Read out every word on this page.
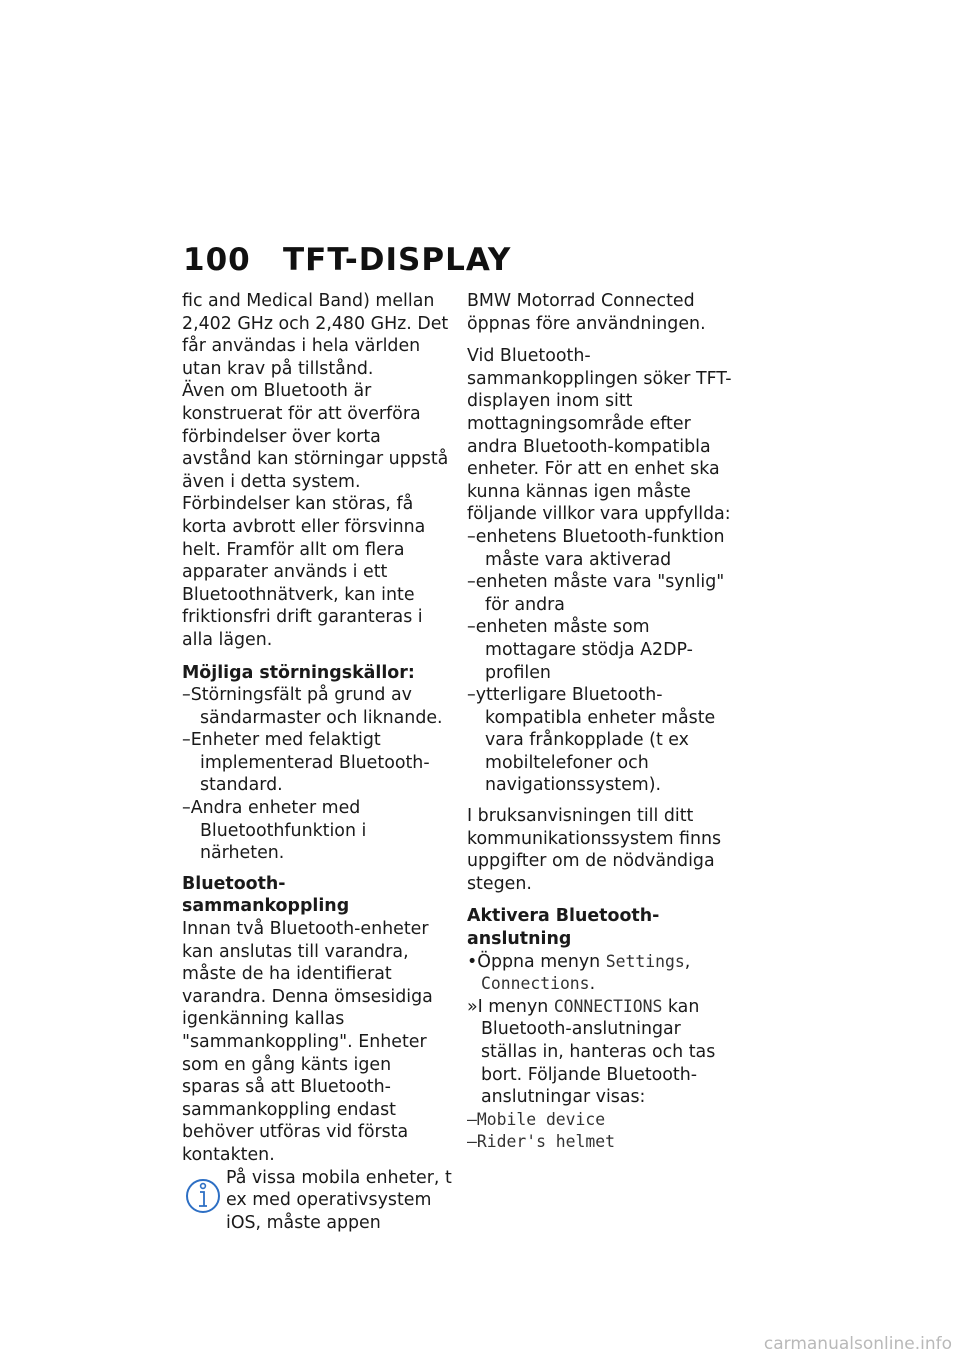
100 TFT-DISPLAY

fic and Medical Band) mellan 2,402 GHz och 2,480 GHz. Det får användas i hela världen utan krav på tillstånd.

Även om Bluetooth är konstruerat för att överföra förbindelser över korta avstånd kan störningar uppstå även i detta system. Förbindelser kan störas, få korta avbrott eller försvinna helt. Framför allt om flera apparater används i ett Bluetoothnätverk, kan inte friktionsfri drift garanteras i alla lägen.

Möjliga störningskällor:

–Störningsfält på grund av sändarmaster och liknande.

–Enheter med felaktigt implementerad Bluetooth-standard.

–Andra enheter med Bluetoothfunktion i närheten.

Bluetooth-sammankoppling

Innan två Bluetooth-enheter kan anslutas till varandra, måste de ha identifierat varandra. Denna ömsesidiga igenkänning kallas "sammankoppling". Enheter som en gång känts igen sparas så att Bluetooth-sammankoppling endast behöver utföras vid första kontakten.

På vissa mobila enheter, t ex med operativsystem iOS, måste appen

BMW Motorrad Connected öppnas före användningen.

Vid Bluetooth-sammankopplingen söker TFT-displayen inom sitt mottagningsområde efter andra Bluetooth-kompatibla enheter. För att en enhet ska kunna kännas igen måste följande villkor vara uppfyllda:

–enhetens Bluetooth-funktion måste vara aktiverad

–enheten måste vara "synlig" för andra

–enheten måste som mottagare stödja A2DP-profilen

–ytterligare Bluetooth-kompatibla enheter måste vara frånkopplade (t ex mobiltelefoner och navigationssystem).

I bruksanvisningen till ditt kommunikationssystem finns uppgifter om de nödvändiga stegen.

Aktivera Bluetooth-anslutning

•Öppna menyn Settings,
Connections.

»I menyn CONNECTIONS kan Bluetooth-anslutningar ställas in, hanteras och tas bort. Följande Bluetooth-anslutningar visas:

–Mobile device

–Rider's helmet

carmanualsonline.info
